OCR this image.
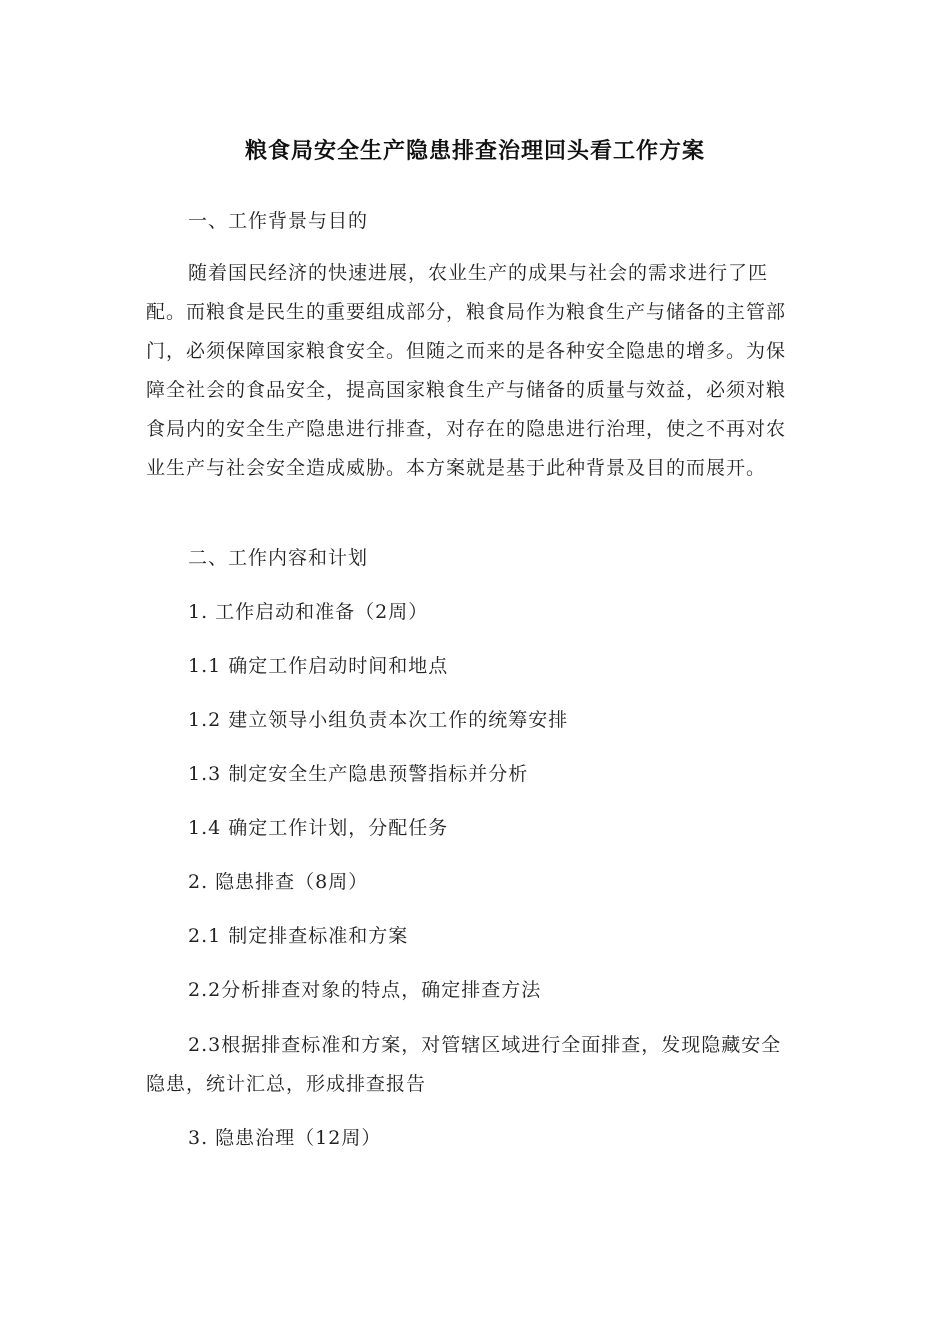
粮食局安全生产隐患排查治理回头看工作方案
一、工作背景与目的

随着国民经济的快速进展，农业生产的成果与社会的需求进行了匹配。而粮食是民生的重要组成部分，粮食局作为粮食生产与储备的主管部门，必须保障国家粮食安全。但随之而来的是各种安全隐患的增多。为保障全社会的食品安全，提高国家粮食生产与储备的质量与效益，必须对粮食局内的安全生产隐患进行排查，对存在的隐患进行治理，使之不再对农业生产与社会安全造成威胁。本方案就是基于此种背景及目的而展开。

二、工作内容和计划
1. 工作启动和准备（2周）
1.1 确定工作启动时间和地点
1.2 建立领导小组负责本次工作的统筹安排
1.3 制定安全生产隐患预警指标并分析
1.4 确定工作计划，分配任务
2. 隐患排查（8周）
2.1 制定排查标准和方案
2.2分析排查对象的特点，确定排查方法

2.3根据排查标准和方案，对管辖区域进行全面排查，发现隐藏安全隐患，统计汇总，形成排查报告

3. 隐患治理（12周）
